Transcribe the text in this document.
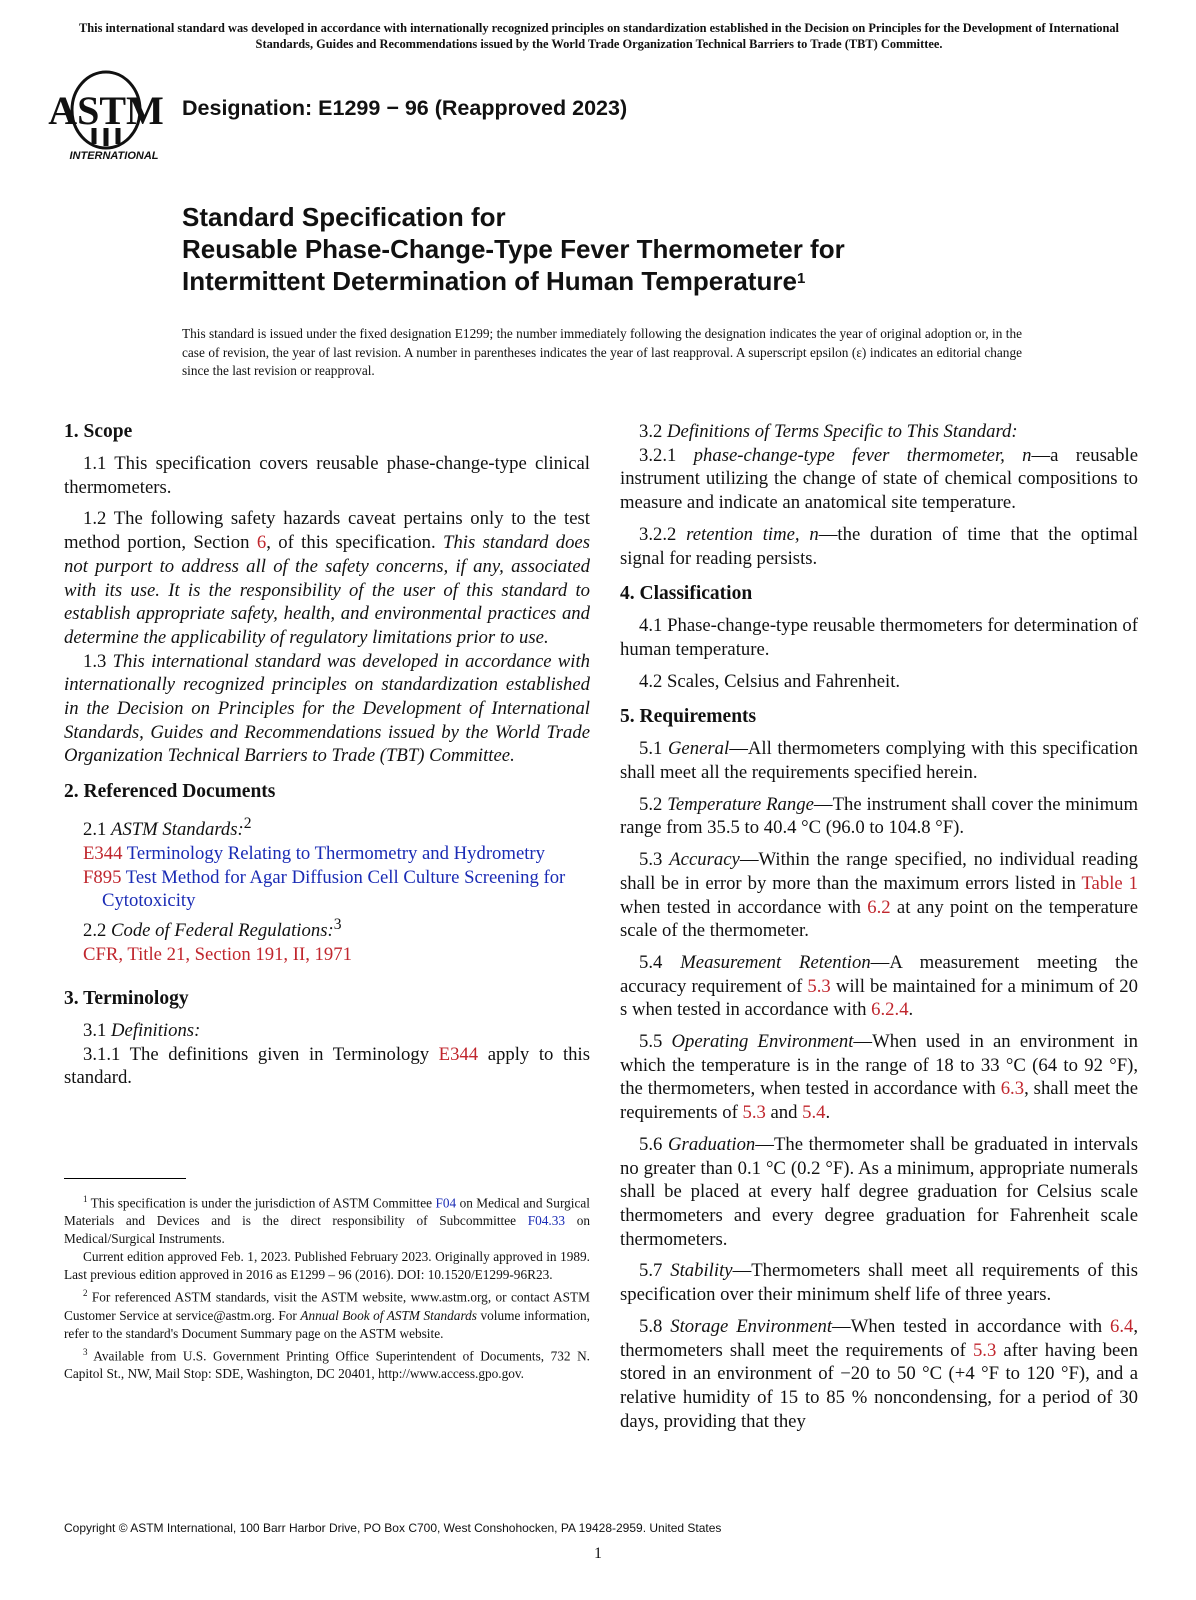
This international standard was developed in accordance with internationally recognized principles on standardization established in the Decision on Principles for the Development of International Standards, Guides and Recommendations issued by the World Trade Organization Technical Barriers to Trade (TBT) Committee.
ASTM
INTERNATIONAL
Designation: E1299 − 96 (Reapproved 2023)
Standard Specification for
Reusable Phase-Change-Type Fever Thermometer for
Intermittent Determination of Human Temperature$^1$
This standard is issued under the fixed designation E1299; the number immediately following the designation indicates the year of original adoption or, in the case of revision, the year of last revision. A number in parentheses indicates the year of last reapproval. A superscript epsilon (ε) indicates an editorial change since the last revision or reapproval.
1. Scope

1.1 This specification covers reusable phase-change-type clinical thermometers.

1.2 The following safety hazards caveat pertains only to the test method portion, Section 6, of this specification. This standard does not purport to address all of the safety concerns, if any, associated with its use. It is the responsibility of the user of this standard to establish appropriate safety, health, and environmental practices and determine the applicability of regulatory limitations prior to use.

1.3 This international standard was developed in accordance with internationally recognized principles on standardization established in the Decision on Principles for the Development of International Standards, Guides and Recommendations issued by the World Trade Organization Technical Barriers to Trade (TBT) Committee.

2. Referenced Documents

2.1 ASTM Standards:$^2$

E344 Terminology Relating to Thermometry and Hydrometry
F895 Test Method for Agar Diffusion Cell Culture Screening for Cytotoxicity

2.2 Code of Federal Regulations:$^3$

CFR, Title 21, Section 191, II, 1971
3. Terminology

3.1 Definitions:

3.1.1 The definitions given in Terminology E344 apply to this standard.

3.2 Definitions of Terms Specific to This Standard:

3.2.1 phase-change-type fever thermometer, n—a reusable instrument utilizing the change of state of chemical compositions to measure and indicate an anatomical site temperature.

3.2.2 retention time, n—the duration of time that the optimal signal for reading persists.

4. Classification

4.1 Phase-change-type reusable thermometers for determination of human temperature.

4.2 Scales, Celsius and Fahrenheit.

5. Requirements

5.1 General—All thermometers complying with this specification shall meet all the requirements specified herein.

5.2 Temperature Range—The instrument shall cover the minimum range from 35.5 to 40.4 °C (96.0 to 104.8 °F).

5.3 Accuracy—Within the range specified, no individual reading shall be in error by more than the maximum errors listed in Table 1 when tested in accordance with 6.2 at any point on the temperature scale of the thermometer.

5.4 Measurement Retention—A measurement meeting the accuracy requirement of 5.3 will be maintained for a minimum of 20 s when tested in accordance with 6.2.4.

5.5 Operating Environment—When used in an environment in which the temperature is in the range of 18 to 33 °C (64 to 92 °F), the thermometers, when tested in accordance with 6.3, shall meet the requirements of 5.3 and 5.4.

5.6 Graduation—The thermometer shall be graduated in intervals no greater than 0.1 °C (0.2 °F). As a minimum, appropriate numerals shall be placed at every half degree graduation for Celsius scale thermometers and every degree graduation for Fahrenheit scale thermometers.

5.7 Stability—Thermometers shall meet all requirements of this specification over their minimum shelf life of three years.

5.8 Storage Environment—When tested in accordance with 6.4, thermometers shall meet the requirements of 5.3 after having been stored in an environment of −20 to 50 °C (+4 °F to 120 °F), and a relative humidity of 15 to 85 % noncondensing, for a period of 30 days, providing that they

$^1$ This specification is under the jurisdiction of ASTM Committee F04 on Medical and Surgical Materials and Devices and is the direct responsibility of Subcommittee F04.33 on Medical/Surgical Instruments.

Current edition approved Feb. 1, 2023. Published February 2023. Originally approved in 1989. Last previous edition approved in 2016 as E1299 – 96 (2016). DOI: 10.1520/E1299-96R23.

$^2$ For referenced ASTM standards, visit the ASTM website, www.astm.org, or contact ASTM Customer Service at service@astm.org. For Annual Book of ASTM Standards volume information, refer to the standard's Document Summary page on the ASTM website.

$^3$ Available from U.S. Government Printing Office Superintendent of Documents, 732 N. Capitol St., NW, Mail Stop: SDE, Washington, DC 20401, http://www.access.gpo.gov.

Copyright © ASTM International, 100 Barr Harbor Drive, PO Box C700, West Conshohocken, PA 19428-2959. United States
1
